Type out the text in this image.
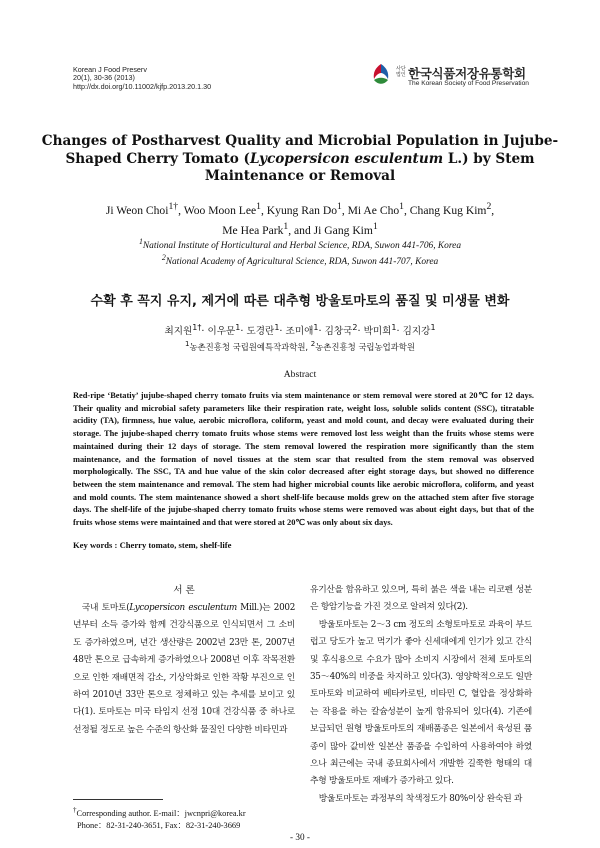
Korean J Food Preserv
20(1), 30-36 (2013)
http://dx.doi.org/10.11002/kjfp.2013.20.1.30
사단
법인 한국식품저장유통학회
The Korean Society of Food Preservation
Changes of Postharvest Quality and Microbial Population in Jujube-
Shaped Cherry Tomato (Lycopersicon esculentum L.) by Stem
Maintenance or Removal
Ji Weon Choi$^{1\dagger}$, Woo Moon Lee$^1$, Kyung Ran Do$^1$, Mi Ae Cho$^1$, Chang Kug Kim$^2$,
Me Hea Park$^1$, and Ji Gang Kim$^1$
$^1$National Institute of Horticultural and Herbal Science, RDA, Suwon 441-706, Korea
$^2$National Academy of Agricultural Science, RDA, Suwon 441-707, Korea
수확 후 꼭지 유지, 제거에 따른 대추형 방울토마토의 품질 및 미생물 변화
최지원$^{1\dagger}$· 이우문$^1$· 도경란$^1$· 조미애$^1$· 김창국$^2$· 박미희$^1$· 김지강$^1$
$^1$농촌진흥청 국립원예특작과학원, $^2$농촌진흥청 국립농업과학원
Abstract
Red-ripe ‘Betatiy’ jujube-shaped cherry tomato fruits via stem maintenance or stem removal were stored at 20℃ for 12 days. Their quality and microbial safety parameters like their respiration rate, weight loss, soluble solids content (SSC), titratable acidity (TA), firmness, hue value, aerobic microflora, coliform, yeast and mold count, and decay were evaluated during their storage. The jujube-shaped cherry tomato fruits whose stems were removed lost less weight than the fruits whose stems were maintained during their 12 days of storage. The stem removal lowered the respiration more significantly than the stem maintenance, and the formation of novel tissues at the stem scar that resulted from the stem removal was observed morphologically. The SSC, TA and hue value of the skin color decreased after eight storage days, but showed no difference between the stem maintenance and removal. The stem had higher microbial counts like aerobic microflora, coliform, and yeast and mold counts. The stem maintenance showed a short shelf-life because molds grew on the attached stem after five storage days. The shelf-life of the jujube-shaped cherry tomato fruits whose stems were removed was about eight days, but that of the fruits whose stems were maintained and that were stored at 20℃ was only about six days.
Key words : Cherry tomato, stem, shelf-life
서 론

국내 토마토(Lycopersicon esculentum Mill.)는 2002년부터 소득 증가와 함께 건강식품으로 인식되면서 그 소비도 증가하였으며, 년간 생산량은 2002년 23만 톤, 2007년 48만 톤으로 급속하게 증가하였으나 2008년 이후 작목전환으로 인한 재배면적 감소, 기상악화로 인한 작황 부진으로 인하여 2010년 33만 톤으로 정체하고 있는 추세를 보이고 있다(1). 토마토는 미국 타임지 선정 10대 건강식품 중 하나로 선정될 정도로 높은 수준의 항산화 물질인 다양한 비타민과

유기산을 함유하고 있으며, 특히 붉은 색을 내는 리코펜 성분은 항암기능을 가진 것으로 알려져 있다(2).

방울토마토는 2～3 cm 정도의 소형토마토로 과육이 부드럽고 당도가 높고 먹기가 좋아 신세대에게 인기가 있고 간식 및 후식용으로 수요가 많아 소비지 시장에서 전체 토마토의 35～40%의 비중을 차지하고 있다(3). 영양학적으로도 일반토마토와 비교하여 베타카로틴, 비타민 C, 혈압을 정상화하는 작용을 하는 칼슘성분이 높게 함유되어 있다(4). 기존에 보급되던 원형 방울토마토의 재배품종은 일본에서 육성된 품종이 많아 값비싼 일본산 품종을 수입하여 사용하여야 하였으나 최근에는 국내 종묘회사에서 개발한 길쭉한 형태의 대추형 방울토마토 재배가 증가하고 있다.

방울토마토는 과정부의 착색정도가 80%이상 완숙된 과

†Corresponding author. E-mail：jwcnpri@korea.kr
Phone：82-31-240-3651, Fax：82-31-240-3669
- 30 -
